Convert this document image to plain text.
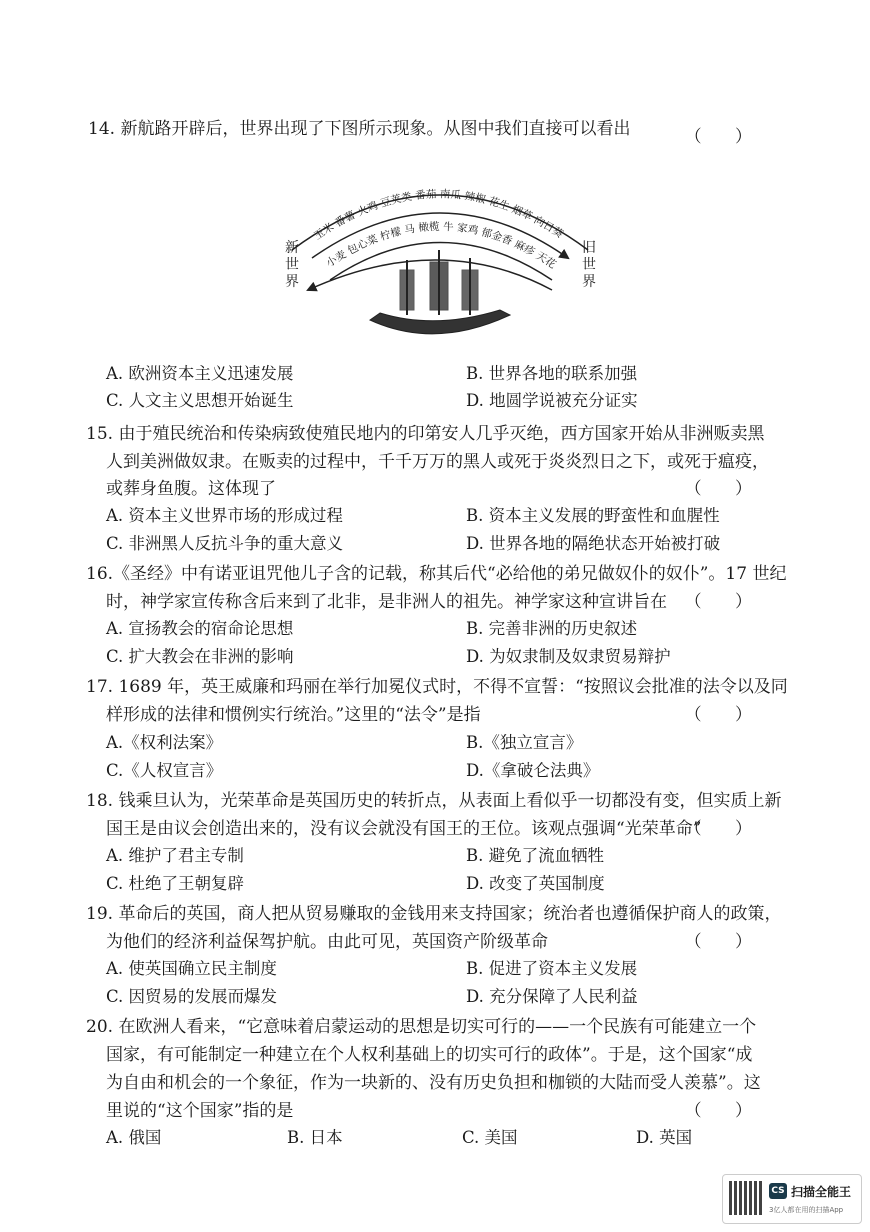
14. 新航路开辟后，世界出现了下图所示现象。从图中我们直接可以看出	（ ）
玉米 番薯 火鸡 豆荚类 番茄 南瓜 辣椒 花生 烟草 向日葵
小麦 包心菜 柠檬 马 橄榄 牛 家鸡 郁金香 麻疹 天花
新世界
旧世界
A. 欧洲资本主义迅速发展	B. 世界各地的联系加强
C. 人文主义思想开始诞生	D. 地圆学说被充分证实
15. 由于殖民统治和传染病致使殖民地内的印第安人几乎灭绝，西方国家开始从非洲贩卖黑
人到美洲做奴隶。在贩卖的过程中，千千万万的黑人或死于炎炎烈日之下，或死于瘟疫，
或葬身鱼腹。这体现了	（ ）
A. 资本主义世界市场的形成过程	B. 资本主义发展的野蛮性和血腥性
C. 非洲黑人反抗斗争的重大意义	D. 世界各地的隔绝状态开始被打破
16.《圣经》中有诺亚诅咒他儿子含的记载，称其后代“必给他的弟兄做奴仆的奴仆”。17 世纪
时，神学家宣传称含后来到了北非，是非洲人的祖先。神学家这种宣讲旨在 （ ）
A. 宣扬教会的宿命论思想	B. 完善非洲的历史叙述
C. 扩大教会在非洲的影响	D. 为奴隶制及奴隶贸易辩护
17. 1689 年，英王威廉和玛丽在举行加冕仪式时，不得不宣誓：“按照议会批准的法令以及同
样形成的法律和惯例实行统治。”这里的“法令”是指	（ ）
A.《权利法案》	B.《独立宣言》
C.《人权宣言》	D.《拿破仑法典》
18. 钱乘旦认为，光荣革命是英国历史的转折点，从表面上看似乎一切都没有变，但实质上新
国王是由议会创造出来的，没有议会就没有国王的王位。该观点强调“光荣革命”
（ ）
A. 维护了君主专制	B. 避免了流血牺牲
C. 杜绝了王朝复辟	D. 改变了英国制度
19. 革命后的英国，商人把从贸易赚取的金钱用来支持国家；统治者也遵循保护商人的政策，
为他们的经济利益保驾护航。由此可见，英国资产阶级革命	（ ）
A. 使英国确立民主制度	B. 促进了资本主义发展
C. 因贸易的发展而爆发	D. 充分保障了人民利益
20. 在欧洲人看来，“它意味着启蒙运动的思想是切实可行的——一个民族有可能建立一个
国家，有可能制定一种建立在个人权利基础上的切实可行的政体”。于是，这个国家“成
为自由和机会的一个象征，作为一块新的、没有历史负担和枷锁的大陆而受人羡慕”。这
里说的“这个国家”指的是	（ ）
A. 俄国	B. 日本	C. 美国	D. 英国
CS 扫描全能王
3亿人都在用的扫描App
